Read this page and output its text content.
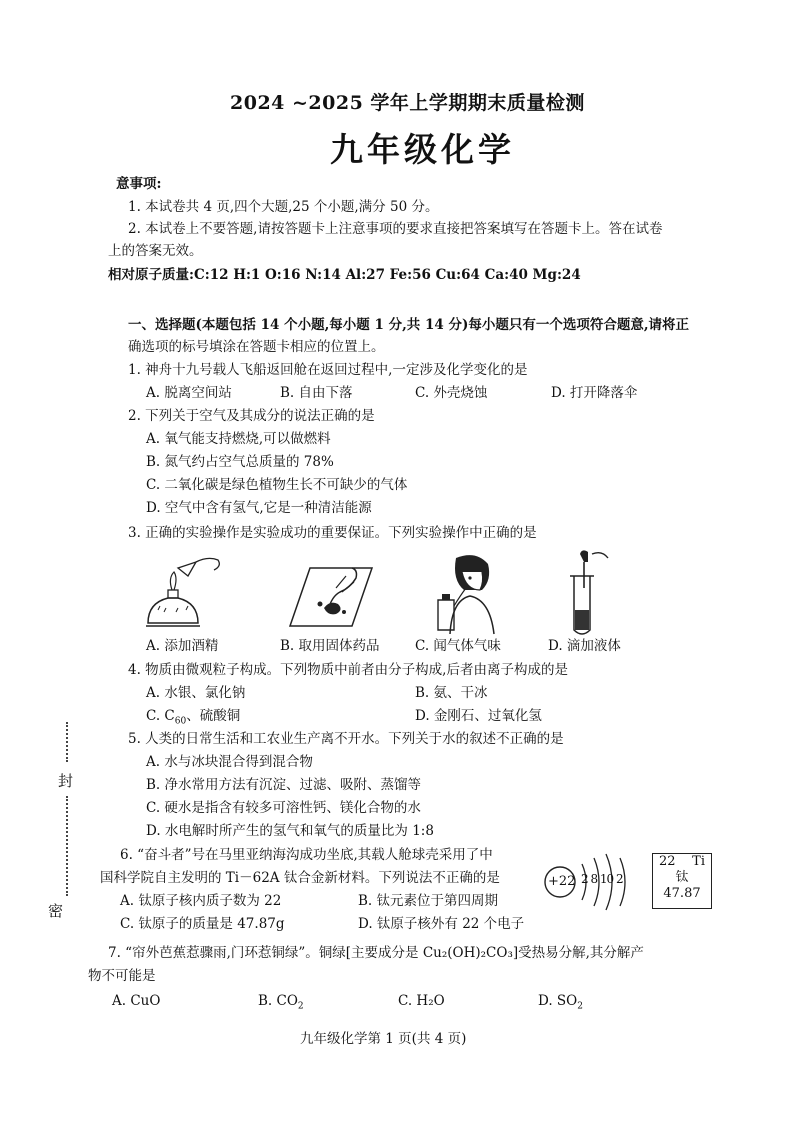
2024 ~2025 学年上学期期末质量检测
九年级化学
意事项:
1. 本试卷共 4 页,四个大题,25 个小题,满分 50 分。
2. 本试卷上不要答题,请按答题卡上注意事项的要求直接把答案填写在答题卡上。答在试卷
上的答案无效。
相对原子质量:C:12 H:1 O:16 N:14 Al:27 Fe:56 Cu:64 Ca:40 Mg:24
一、选择题(本题包括 14 个小题,每小题 1 分,共 14 分)每小题只有一个选项符合题意,请将正
确选项的标号填涂在答题卡相应的位置上。
1. 神舟十九号载人飞船返回舱在返回过程中,一定涉及化学变化的是
A. 脱离空间站	B. 自由下落	C. 外壳烧蚀	D. 打开降落伞
2. 下列关于空气及其成分的说法正确的是
A. 氧气能支持燃烧,可以做燃料
B. 氮气约占空气总质量的 78%
C. 二氧化碳是绿色植物生长不可缺少的气体
D. 空气中含有氢气,它是一种清洁能源
3. 正确的实验操作是实验成功的重要保证。下列实验操作中正确的是
A. 添加酒精	B. 取用固体药品	C. 闻气体气味	D. 滴加液体
4. 物质由微观粒子构成。下列物质中前者由分子构成,后者由离子构成的是
A. 水银、氯化钠	B. 氨、干冰
C. $C_{60}$、硫酸铜	D. 金刚石、过氧化氢
5. 人类的日常生活和工农业生产离不开水。下列关于水的叙述不正确的是
A. 水与冰块混合得到混合物
B. 净水常用方法有沉淀、过滤、吸附、蒸馏等
C. 硬水是指含有较多可溶性钙、镁化合物的水
D. 水电解时所产生的氢气和氧气的质量比为 1:8
6. “奋斗者”号在马里亚纳海沟成功坐底,其载人舱球壳采用了中
国科学院自主发明的 Ti－62A 钛合金新材料。下列说法不正确的是
A. 钛原子核内质子数为 22	B. 钛元素位于第四周期
C. 钛原子的质量是 47.87g	D. 钛原子核外有 22 个电子
+22 2 8 10 2
22 Ti
钛
47.87
7. “帘外芭蕉惹骤雨,门环惹铜绿”。铜绿[主要成分是 Cu₂(OH)₂CO₃]受热易分解,其分解产
物不可能是
A. CuO	B. $CO_2$	C. H₂O	D. $SO_2$
封
密
九年级化学第 1 页(共 4 页)
